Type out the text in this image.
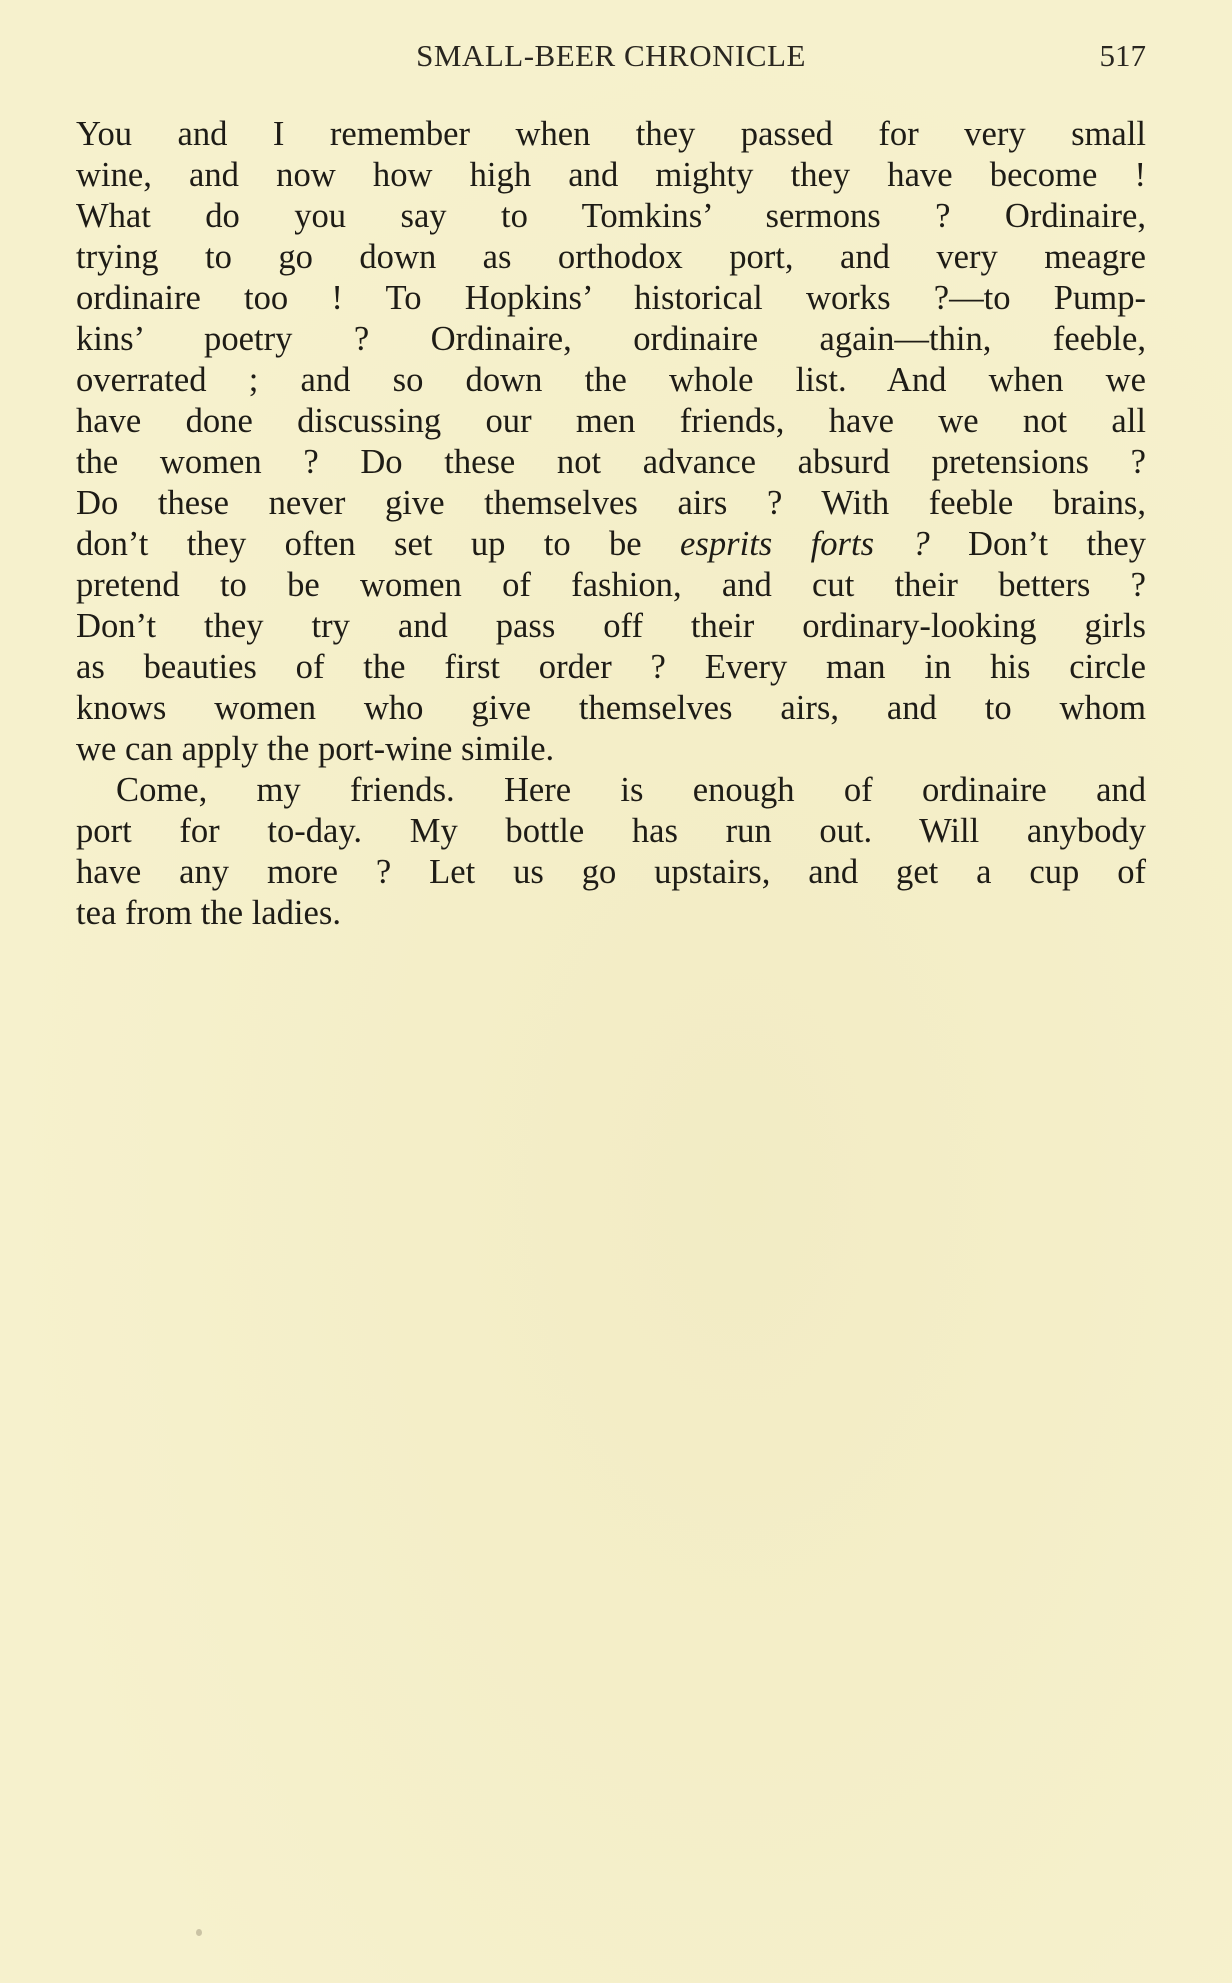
SMALL-BEER CHRONICLE	517
You and I remember when they passed for very small
wine, and now how high and mighty they have become !
What do you say to Tomkins’ sermons ? Ordinaire,
trying to go down as orthodox port, and very meagre
ordinaire too ! To Hopkins’ historical works ?—to Pump-
kins’ poetry ? Ordinaire, ordinaire again—thin, feeble,
overrated ; and so down the whole list. And when we
have done discussing our men friends, have we not all
the women ? Do these not advance absurd pretensions ?
Do these never give themselves airs ? With feeble brains,
don’t they often set up to be esprits forts ? Don’t they
pretend to be women of fashion, and cut their betters ?
Don’t they try and pass off their ordinary-looking girls
as beauties of the first order ? Every man in his circle
knows women who give themselves airs, and to whom
we can apply the port-wine simile.
Come, my friends. Here is enough of ordinaire and
port for to-day. My bottle has run out. Will anybody
have any more ? Let us go upstairs, and get a cup of
tea from the ladies.
